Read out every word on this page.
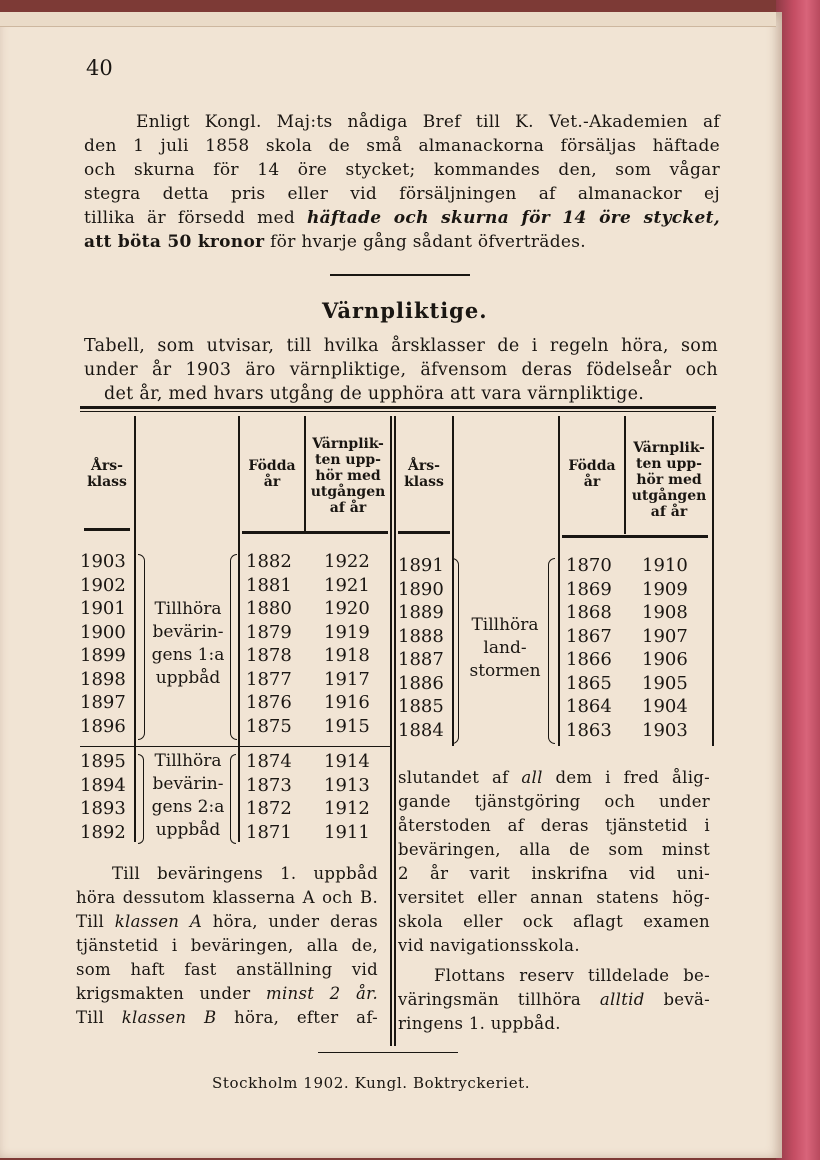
40
Enligt Kongl. Maj:ts nådiga Bref till K. Vet.-Akademien af
den 1 juli 1858 skola de små almanackorna försäljas häftade
och skurna för 14 öre stycket; kommandes den, som vågar
stegra detta pris eller vid försäljningen af almanackor ej
tillika är försedd med häftade och skurna för 14 öre stycket,
att böta 50 kronor för hvarje gång sådant öfverträdes.
Värnpliktige.
Tabell, som utvisar, till hvilka årsklasser de i regeln höra, som
under år 1903 äro värnpliktige, äfvensom deras födelseår och
det år, med hvars utgång de upphöra att vara värnpliktige.
Års-
klass
Födda
år
Värnplik-
ten upp-
hör med
utgången
af år
Års-
klass
Födda
år
Värnplik-
ten upp-
hör med
utgången
af år
1903
1902
1901
1900
1899
1898
1897
1896
Tillhöra
bevärin-
gens 1:a
uppbåd
1882
1881
1880
1879
1878
1877
1876
1875
1922
1921
1920
1919
1918
1917
1916
1915
1895
1894
1893
1892
Tillhöra
bevärin-
gens 2:a
uppbåd
1874
1873
1872
1871
1914
1913
1912
1911
1891
1890
1889
1888
1887
1886
1885
1884
Tillhöra
land-
stormen
1870
1869
1868
1867
1866
1865
1864
1863
1910
1909
1908
1907
1906
1905
1904
1903
Till beväringens 1. uppbåd
höra dessutom klasserna A och B.
Till klassen A höra, under deras
tjänstetid i beväringen, alla de,
som haft fast anställning vid
krigsmakten under minst 2 år.
Till klassen B höra, efter af-
slutandet af all dem i fred ålig-
gande tjänstgöring och under
återstoden af deras tjänstetid i
beväringen, alla de som minst
2 år varit inskrifna vid uni-
versitet eller annan statens hög-
skola eller ock aflagt examen
vid navigationsskola.
Flottans reserv tilldelade be-
väringsmän tillhöra alltid bevä-
ringens 1. uppbåd.
Stockholm 1902. Kungl. Boktryckeriet.
